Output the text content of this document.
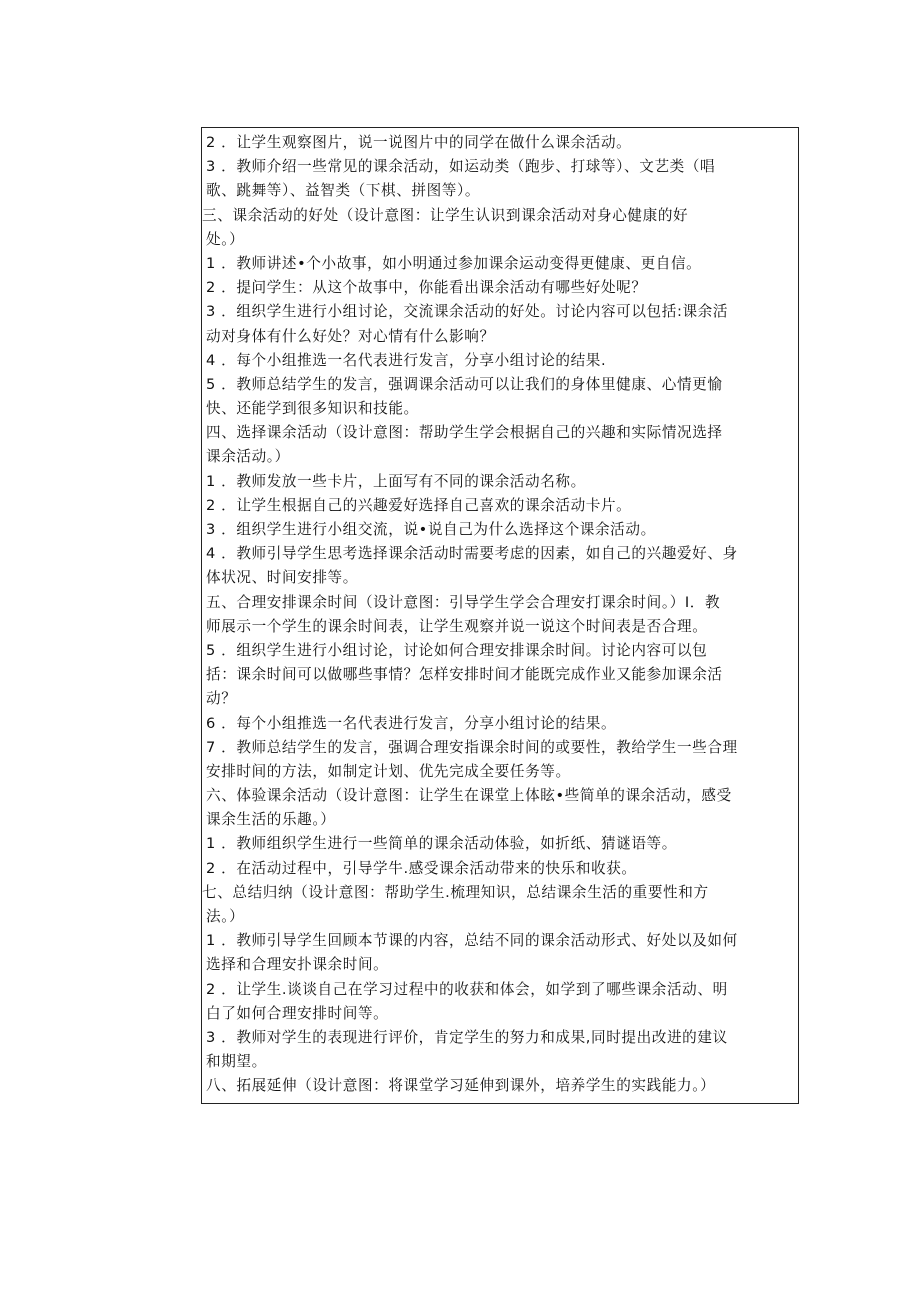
2 ．让学生观察图片，说一说图片中的同学在做什么课余活动。
3 ．教师介绍一些常见的课余活动，如运动类（跑步、打球等）、文艺类（唱
歌、跳舞等）、益智类（下棋、拼图等）。
三、课余活动的好处（设计意图：让学生认识到课余活动对身心健康的好
处。）
1 ．教师讲述•个小故事，如小明通过参加课余运动变得更健康、更自信。
2 ．提问学生：从这个故事中，你能看出课余活动有哪些好处呢？
3 ．组织学生进行小组讨论，交流课余活动的好处。讨论内容可以包括:课余活
动对身体有什么好处？对心情有什么影响？
4 ．每个小组推选一名代表进行发言，分享小组讨论的结果.
5 ．教师总结学生的发言，强调课余活动可以让我们的身体里健康、心情更愉
快、还能学到很多知识和技能。
四、选择课余活动（设计意图：帮助学生学会根据自己的兴趣和实际情况选择
课余活动。）
1 ．教师发放一些卡片，上面写有不同的课余活动名称。
2 ．让学生根据自己的兴趣爱好选择自己喜欢的课余活动卡片。
3 ．组织学生进行小组交流，说•说自己为什么选择这个课余活动。
4 ．教师引导学生思考选择课余活动时需要考虑的因素，如自己的兴趣爱好、身
体状况、时间安排等。
五、合理安排课余时间（设计意图：引导学生学会合理安打课余时间。）I．教
师展示一个学生的课余时间表，让学生观察并说一说这个时间表是否合理。
5 ．组织学生进行小组讨论，讨论如何合理安排课余时间。讨论内容可以包
括：课余时间可以做哪些事情？怎样安排时间才能既完成作业又能参加课余活
动？
6 ．每个小组推选一名代表进行发言，分享小组讨论的结果。
7 ．教师总结学生的发言，强调合理安指课余时间的或要性，教给学生一些合理
安排时间的方法，如制定计划、优先完成全要任务等。
六、体验课余活动（设计意图：让学生在课堂上体眩•些简单的课余活动，感受
课余生活的乐趣。）
1 ．教师组织学生进行一些简单的课余活动体验，如折纸、猜谜语等。
2 ．在活动过程中，引导学牛.感受课余活动带来的快乐和收获。
七、总结归纳（设计意图：帮助学生.梳理知识，总结课余生活的重要性和方
法。）
1 ．教师引导学生回顾本节课的内容，总结不同的课余活动形式、好处以及如何
选择和合理安扑课余时间。
2 ．让学生.谈谈自己在学习过程中的收获和体会，如学到了哪些课余活动、明
白了如何合理安排时间等。
3 ．教师对学生的表现进行评价，肯定学生的努力和成果,同时提出改进的建议
和期望。
八、拓展延伸（设计意图：将课堂学习延伸到课外，培养学生的实践能力。）
